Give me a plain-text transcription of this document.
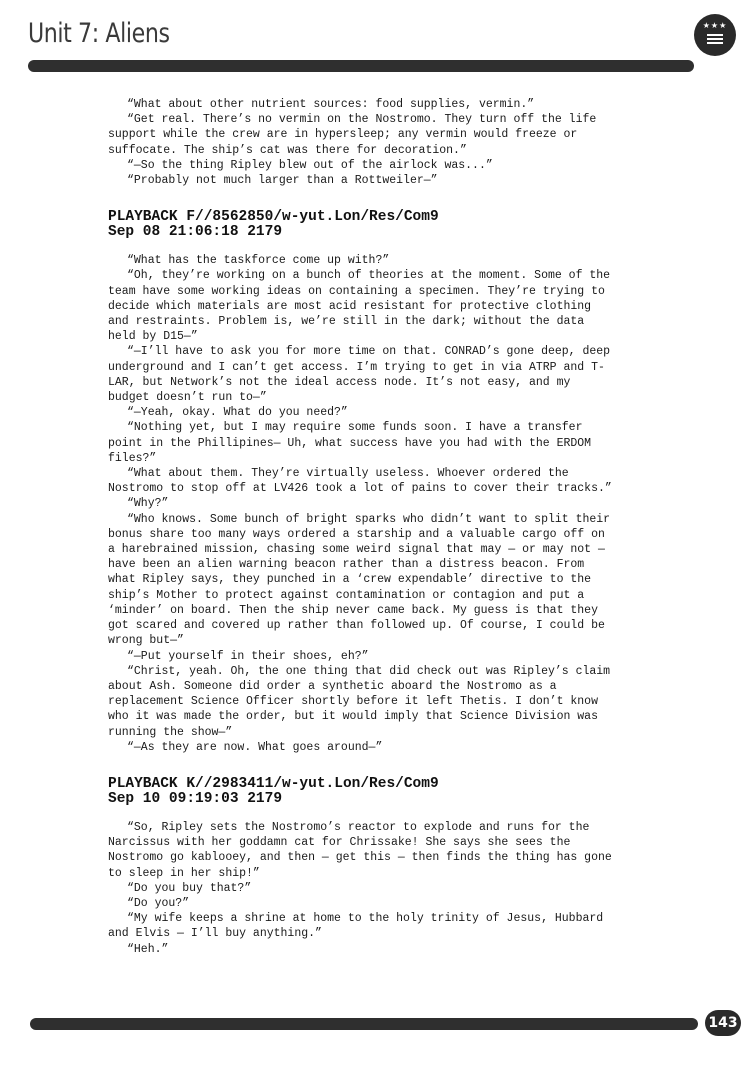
Unit 7: Aliens	★★★

“What about other nutrient sources: food supplies, vermin.”

“Get real. There’s no vermin on the Nostromo. They turn off the life support while the crew are in hypersleep; any vermin would freeze or suffocate. The ship’s cat was there for decoration.”

“—So the thing Ripley blew out of the airlock was...”

“Probably not much larger than a Rottweiler—”

PLAYBACK F//8562850/w-yut.Lon/Res/Com9
Sep 08 21:06:18 2179

“What has the taskforce come up with?”

“Oh, they’re working on a bunch of theories at the moment. Some of the team have some working ideas on containing a specimen. They’re trying to decide which materials are most acid resistant for protective clothing and restraints. Problem is, we’re still in the dark; without the data held by D15—”

“—I’ll have to ask you for more time on that. CONRAD’s gone deep, deep underground and I can’t get access. I’m trying to get in via ATRP and T-LAR, but Network’s not the ideal access node. It’s not easy, and my budget doesn’t run to—”

“—Yeah, okay. What do you need?”

“Nothing yet, but I may require some funds soon. I have a transfer point in the Phillipines— Uh, what success have you had with the ERDOM files?”

“What about them. They’re virtually useless. Whoever ordered the Nostromo to stop off at LV426 took a lot of pains to cover their tracks.”

“Why?”

“Who knows. Some bunch of bright sparks who didn’t want to split their bonus share too many ways ordered a starship and a valuable cargo off on a harebrained mission, chasing some weird signal that may — or may not — have been an alien warning beacon rather than a distress beacon. From what Ripley says, they punched in a ‘crew expendable’ directive to the ship’s Mother to protect against contamination or contagion and put a ‘minder’ on board. Then the ship never came back. My guess is that they got scared and covered up rather than followed up. Of course, I could be wrong but—”

“—Put yourself in their shoes, eh?”

“Christ, yeah. Oh, the one thing that did check out was Ripley’s claim about Ash. Someone did order a synthetic aboard the Nostromo as a replacement Science Officer shortly before it left Thetis. I don’t know who it was made the order, but it would imply that Science Division was running the show—”

“—As they are now. What goes around—”

PLAYBACK K//2983411/w-yut.Lon/Res/Com9
Sep 10 09:19:03 2179

“So, Ripley sets the Nostromo’s reactor to explode and runs for the Narcissus with her goddamn cat for Chrissake! She says she sees the Nostromo go kablooey, and then — get this — then finds the thing has gone to sleep in her ship!”

“Do you buy that?”

“Do you?”

“My wife keeps a shrine at home to the holy trinity of Jesus, Hubbard and Elvis — I’ll buy anything.”

“Heh.”

143
